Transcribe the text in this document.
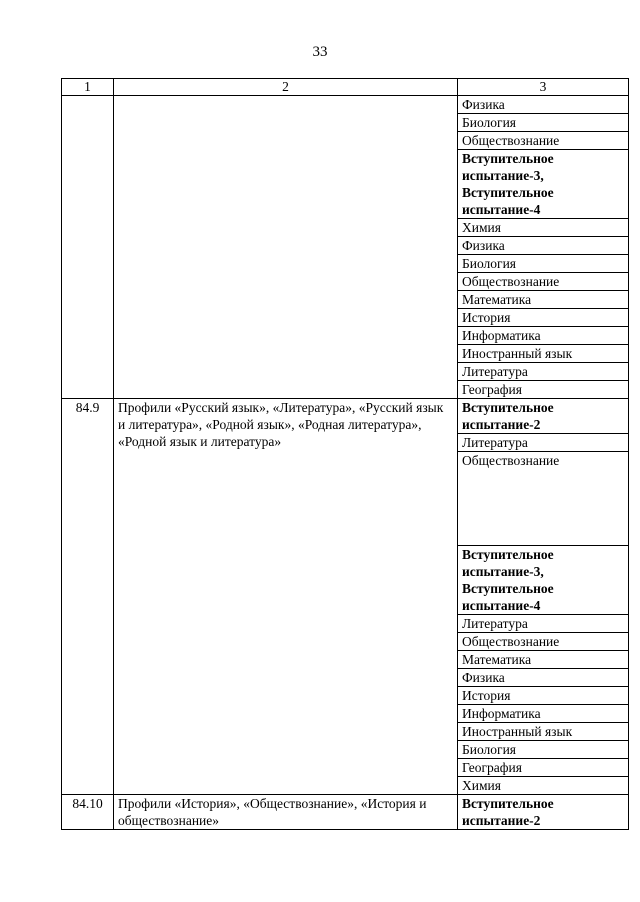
33
1	2	3
		Физика
		Биология
		Обществознание
		Вступительное испытание-3, Вступительное испытание-4
		Химия
		Физика
		Биология
		Обществознание
		Математика
		История
		Информатика
		Иностранный язык
		Литература
		География
84.9	Профили «Русский язык», «Литература», «Русский язык и литература», «Родной язык», «Родная литература», «Родной язык и литература»	Вступительное испытание-2
		Литература
		Обществознание
		Вступительное испытание-3, Вступительное испытание-4
		Литература
		Обществознание
		Математика
		Физика
		История
		Информатика
		Иностранный язык
		Биология
		География
		Химия
84.10	Профили «История», «Обществознание», «История и обществознание»	Вступительное испытание-2
